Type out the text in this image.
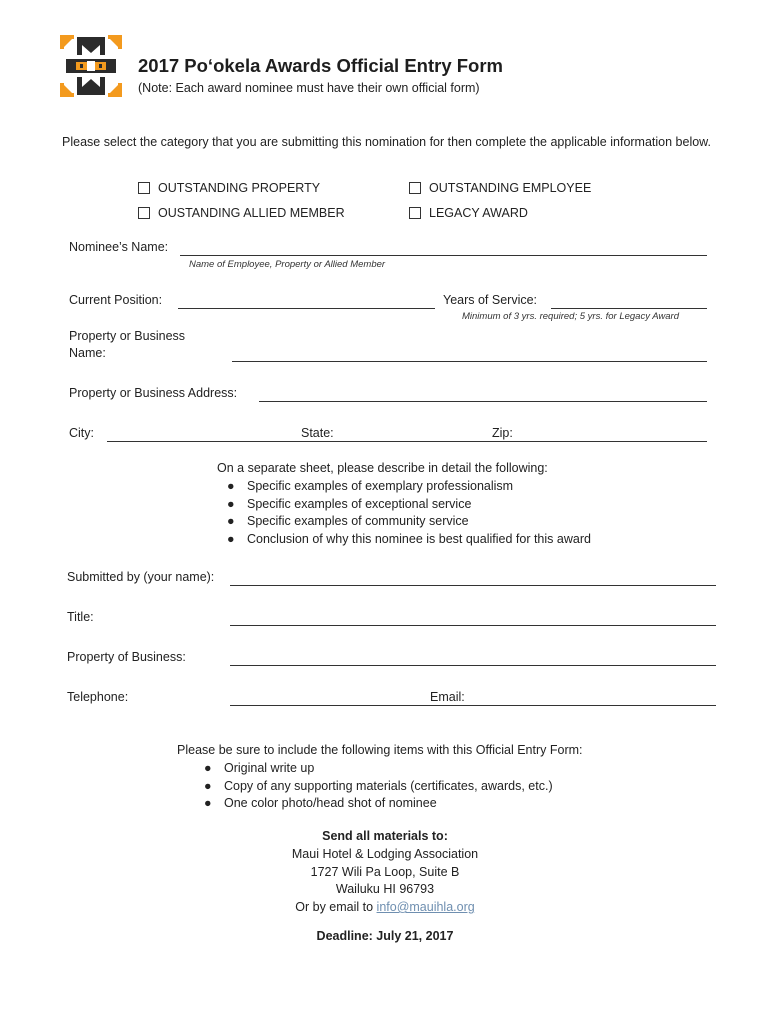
2017 Poʻokela Awards Official Entry Form
(Note: Each award nominee must have their own official form)
Please select the category that you are submitting this nomination for then complete the applicable information below.
OUTSTANDING PROPERTY	OUTSTANDING EMPLOYEE
OUSTANDING ALLIED MEMBER	LEGACY AWARD
Nominee’s Name:
Name of Employee, Property or Allied Member
Current Position:	Years of Service:
Minimum of 3 yrs. required; 5 yrs. for Legacy Award
Property or Business
Name:
Property or Business Address:
City:	State:	Zip:
On a separate sheet, please describe in detail the following:
● Specific examples of exemplary professionalism
● Specific examples of exceptional service
● Specific examples of community service
● Conclusion of why this nominee is best qualified for this award
Submitted by (your name):
Title:
Property of Business:
Telephone:	Email:
Please be sure to include the following items with this Official Entry Form:
● Original write up
● Copy of any supporting materials (certificates, awards, etc.)
● One color photo/head shot of nominee
Send all materials to:
Maui Hotel & Lodging Association
1727 Wili Pa Loop, Suite B
Wailuku HI 96793
Or by email to info@mauihla.org
Deadline: July 21, 2017
